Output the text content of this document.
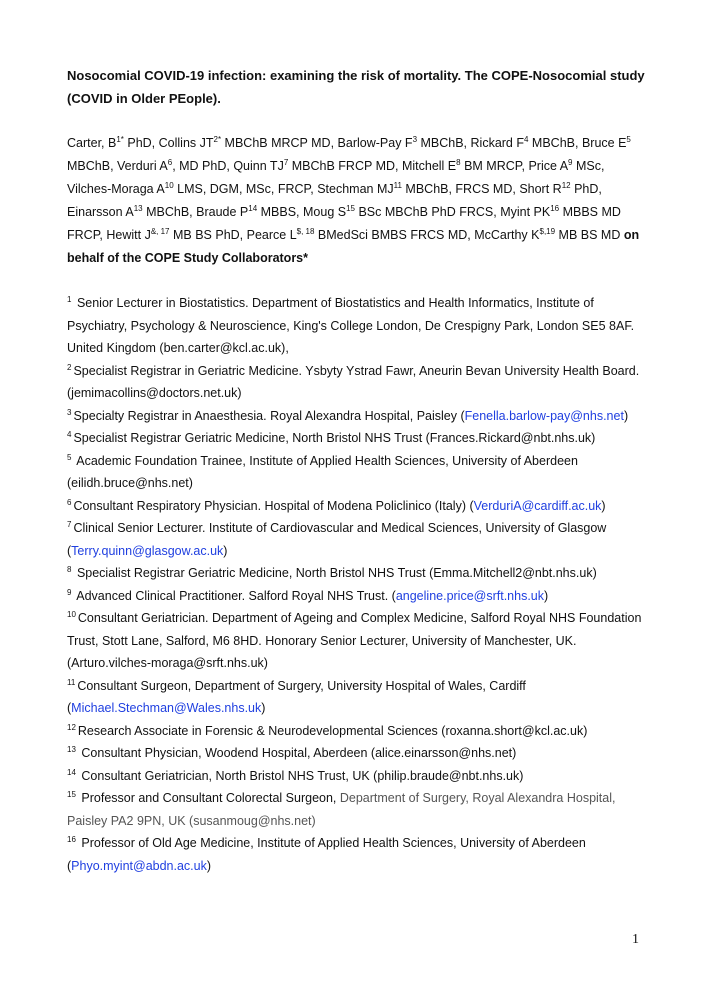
Nosocomial COVID-19 infection: examining the risk of mortality. The COPE-Nosocomial study (COVID in Older PEople).

Carter, $B^{1*}$ PhD, Collins $JT^{2*}$ MBChB MRCP MD, Barlow-Pay $F^3$ MBChB, Rickard $F^4$ MBChB, Bruce $E^5$ MBChB, Verduri $A^6$, MD PhD, Quinn $TJ^7$ MBChB FRCP MD, Mitchell $E^8$ BM MRCP, Price $A^9$ MSc, Vilches-Moraga $A^{10}$ LMS, DGM, MSc, FRCP, Stechman MJ$^{11}$ MBChB, FRCS MD, Short $R^{12}$ PhD, Einarsson $A^{13}$ MBChB, Braude $P^{14}$ MBBS, Moug $S^{15}$ BSc MBChB PhD FRCS, Myint PK$^{16}$ MBBS MD FRCP, Hewitt $J^{\&, 17}$ MB BS PhD, Pearce $L^{\$, 18}$ BMedSci BMBS FRCS MD, McCarthy $K^{\$,19}$ MB BS MD on behalf of the COPE Study Collaborators*

$^1$ Senior Lecturer in Biostatistics. Department of Biostatistics and Health Informatics, Institute of Psychiatry, Psychology & Neuroscience, King's College London, De Crespigny Park, London SE5 8AF. United Kingdom (ben.carter@kcl.ac.uk),

$^2$ Specialist Registrar in Geriatric Medicine. Ysbyty Ystrad Fawr, Aneurin Bevan University Health Board. (jemimacollins@doctors.net.uk)

$^3$ Specialty Registrar in Anaesthesia. Royal Alexandra Hospital, Paisley (Fenella.barlow-pay@nhs.net)

$^4$ Specialist Registrar Geriatric Medicine, North Bristol NHS Trust (Frances.Rickard@nbt.nhs.uk)

$^5$ Academic Foundation Trainee, Institute of Applied Health Sciences, University of Aberdeen (eilidh.bruce@nhs.net)

$^6$ Consultant Respiratory Physician. Hospital of Modena Policlinico (Italy) (VerduriA@cardiff.ac.uk)

$^7$ Clinical Senior Lecturer. Institute of Cardiovascular and Medical Sciences, University of Glasgow (Terry.quinn@glasgow.ac.uk)

$^8$ Specialist Registrar Geriatric Medicine, North Bristol NHS Trust (Emma.Mitchell2@nbt.nhs.uk)

$^9$ Advanced Clinical Practitioner. Salford Royal NHS Trust. (angeline.price@srft.nhs.uk)

$^{10}$ Consultant Geriatrician. Department of Ageing and Complex Medicine, Salford Royal NHS Foundation Trust, Stott Lane, Salford, M6 8HD. Honorary Senior Lecturer, University of Manchester, UK. (Arturo.vilches-moraga@srft.nhs.uk)

$^{11}$ Consultant Surgeon, Department of Surgery, University Hospital of Wales, Cardiff (Michael.Stechman@Wales.nhs.uk)

$^{12}$ Research Associate in Forensic & Neurodevelopmental Sciences (roxanna.short@kcl.ac.uk)

$^{13}$ Consultant Physician, Woodend Hospital, Aberdeen (alice.einarsson@nhs.net)

$^{14}$ Consultant Geriatrician, North Bristol NHS Trust, UK (philip.braude@nbt.nhs.uk)

$^{15}$ Professor and Consultant Colorectal Surgeon, Department of Surgery, Royal Alexandra Hospital, Paisley PA2 9PN, UK (susanmoug@nhs.net)

$^{16}$ Professor of Old Age Medicine, Institute of Applied Health Sciences, University of Aberdeen (Phyo.myint@abdn.ac.uk)

1
